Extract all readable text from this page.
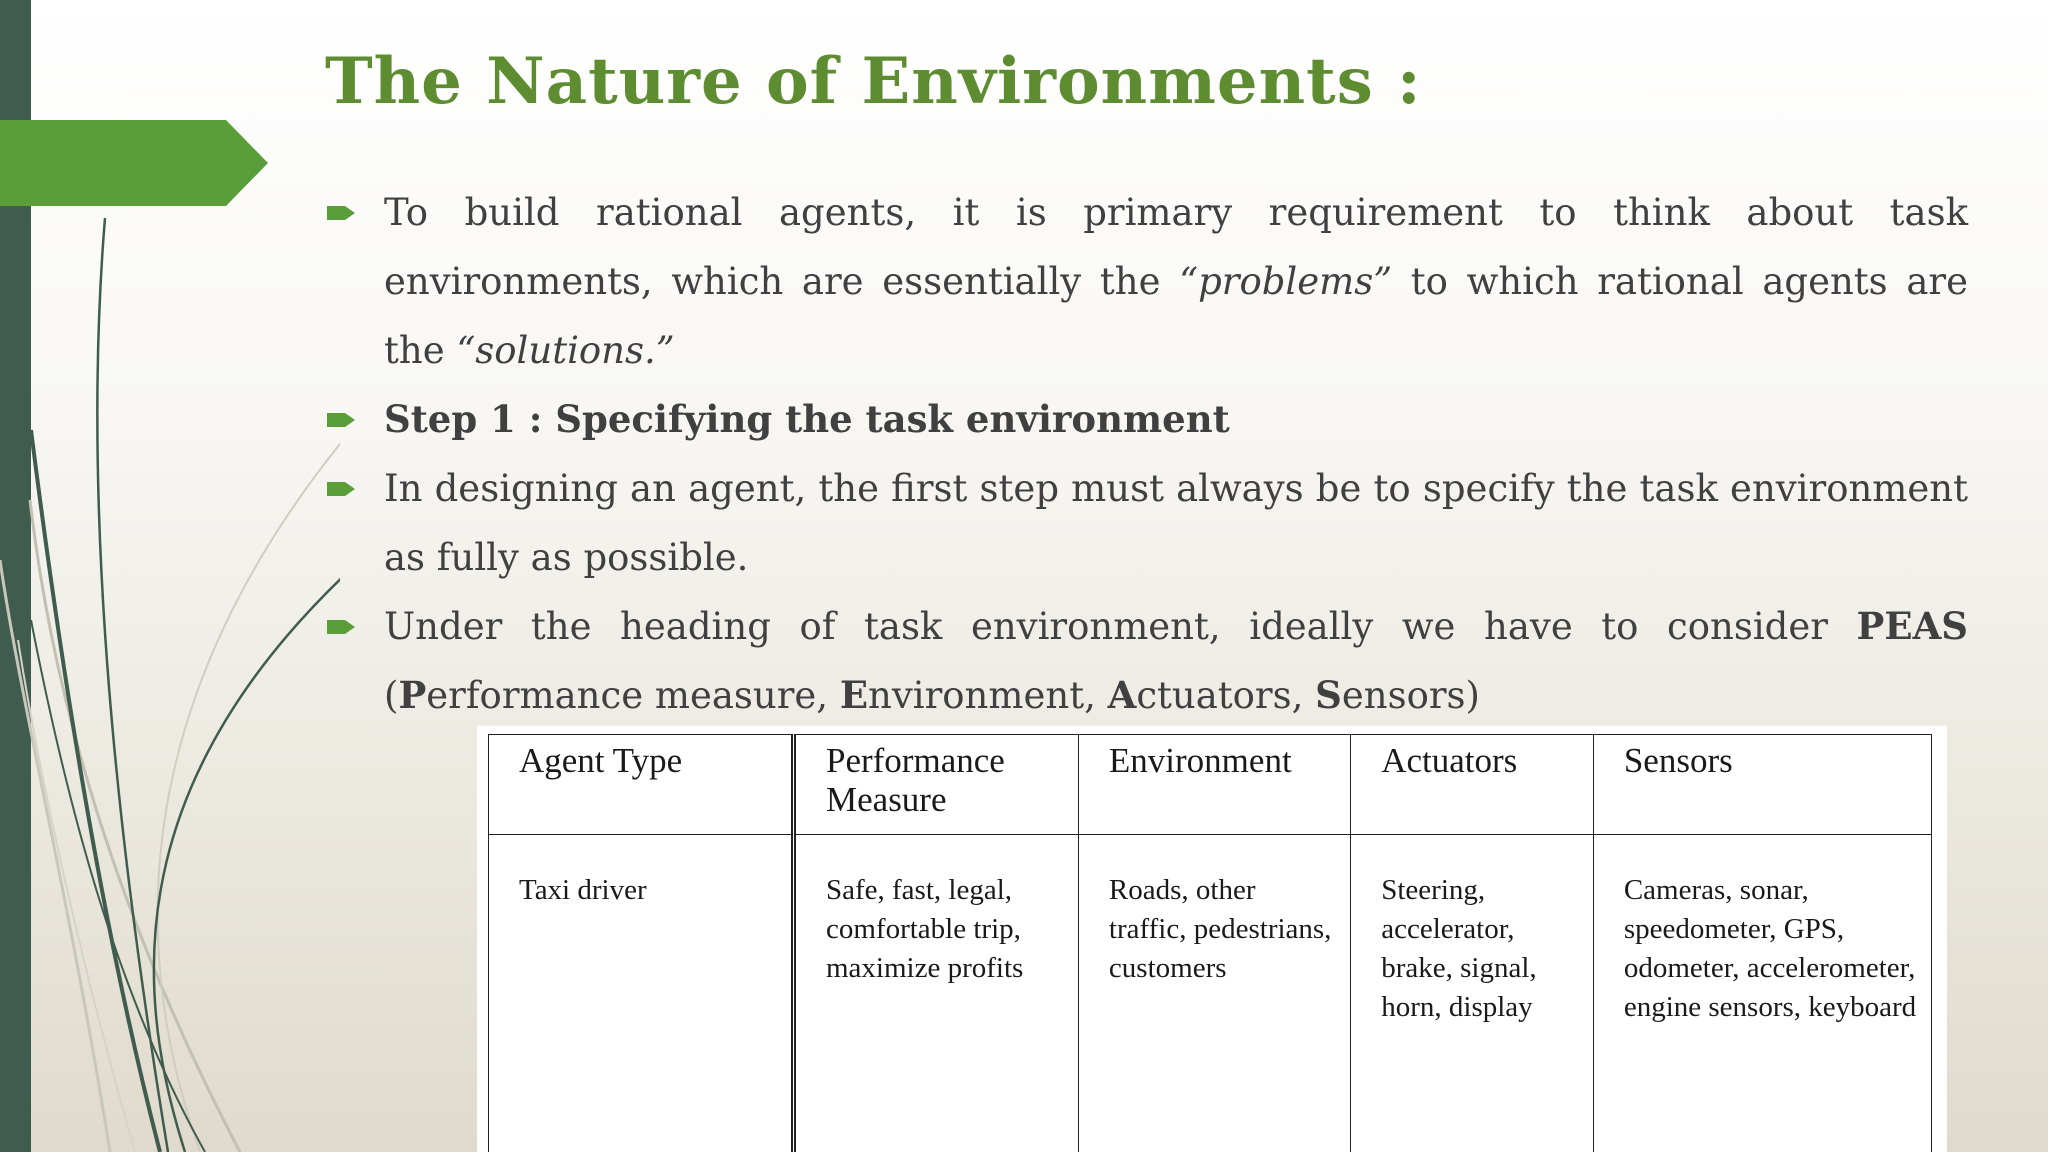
The Nature of Environments :
To build rational agents, it is primary requirement to think about task environments, which are essentially the “problems” to which rational agents are the “solutions.”
Step 1 : Specifying the task environment
In designing an agent, the first step must always be to specify the task environment as fully as possible.
Under the heading of task environment, ideally we have to consider PEAS (Performance measure, Environment, Actuators, Sensors)
Agent Type	Performance Measure	Environment	Actuators	Sensors
Taxi driver	Safe, fast, legal, comfortable trip, maximize profits	Roads, other traffic, pedestrians, customers	Steering, accelerator, brake, signal, horn, display	Cameras, sonar, speedometer, GPS, odometer, accelerometer, engine sensors, keyboard
